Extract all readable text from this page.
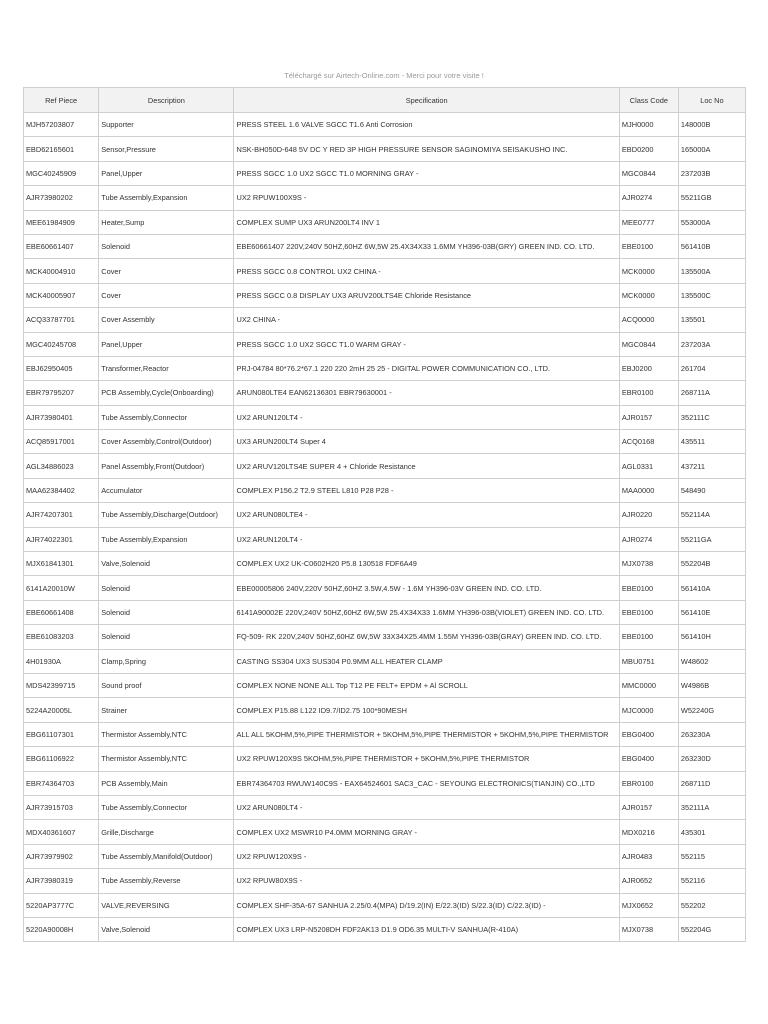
Téléchargé sur Airtech-Online.com - Merci pour votre visite !
Ref Piece	Description	Specification	Class Code	Loc No
MJH57203807	Supporter	PRESS STEEL 1.6 VALVE SGCC T1.6 Anti Corrosion	MJH0000	148000B
EBD62165601	Sensor,Pressure	NSK-BH050D-648 5V DC Y RED 3P HIGH PRESSURE SENSOR SAGINOMIYA SEISAKUSHO INC.	EBD0200	165000A
MGC40245909	Panel,Upper	PRESS SGCC 1.0 UX2 SGCC T1.0 MORNING GRAY -	MGC0844	237203B
AJR73980202	Tube Assembly,Expansion	UX2 RPUW100X9S -	AJR0274	55211GB
MEE61984909	Heater,Sump	COMPLEX SUMP UX3 ARUN200LT4 INV 1	MEE0777	553000A
EBE60661407	Solenoid	EBE60661407 220V,240V 50HZ,60HZ 6W,5W 25.4X34X33 1.6MM YH396-03B(GRY) GREEN IND. CO. LTD.	EBE0100	561410B
MCK40004910	Cover	PRESS SGCC 0.8 CONTROL UX2 CHINA -	MCK0000	135500A
MCK40005907	Cover	PRESS SGCC 0.8 DISPLAY UX3 ARUV200LTS4E Chloride Resistance	MCK0000	135500C
ACQ33787701	Cover Assembly	UX2 CHINA -	ACQ0000	135501
MGC40245708	Panel,Upper	PRESS SGCC 1.0 UX2 SGCC T1.0 WARM GRAY -	MGC0844	237203A
EBJ62950405	Transformer,Reactor	PRJ-04784 80*76.2*67.1 220 220 2mH 25 25 - DIGITAL POWER COMMUNICATION CO., LTD.	EBJ0200	261704
EBR79795207	PCB Assembly,Cycle(Onboarding)	ARUN080LTE4 EAN62136301 EBR79630001 -	EBR0100	268711A
AJR73980401	Tube Assembly,Connector	UX2 ARUN120LT4 -	AJR0157	352111C
ACQ85917001	Cover Assembly,Control(Outdoor)	UX3 ARUN200LT4 Super 4	ACQ0168	435511
AGL34886023	Panel Assembly,Front(Outdoor)	UX2 ARUV120LTS4E SUPER 4 + Chloride Resistance	AGL0331	437211
MAA62384402	Accumulator	COMPLEX P156.2 T2.9 STEEL L810 P28 P28 -	MAA0000	548490
AJR74207301	Tube Assembly,Discharge(Outdoor)	UX2 ARUN080LTE4 -	AJR0220	552114A
AJR74022301	Tube Assembly,Expansion	UX2 ARUN120LT4 -	AJR0274	55211GA
MJX61841301	Valve,Solenoid	COMPLEX UX2 UK-C0602H20 P5.8 130518 FDF6A49	MJX0738	552204B
6141A20010W	Solenoid	EBE00005806 240V,220V 50HZ,60HZ 3.5W,4.5W - 1.6M YH396-03V GREEN IND. CO. LTD.	EBE0100	561410A
EBE60661408	Solenoid	6141A90002E 220V,240V 50HZ,60HZ 6W,5W 25.4X34X33 1.6MM YH396-03B(VIOLET) GREEN IND. CO. LTD.	EBE0100	561410E
EBE61083203	Solenoid	FQ-509- RK 220V,240V 50HZ,60HZ 6W,5W 33X34X25.4MM 1.55M YH396-03B(GRAY) GREEN IND. CO. LTD.	EBE0100	561410H
4H01930A	Clamp,Spring	CASTING SS304 UX3 SUS304 P0.9MM ALL HEATER CLAMP	MBU0751	W48602
MDS42399715	Sound proof	COMPLEX NONE NONE ALL Top T12 PE FELT+ EPDM + Al SCROLL	MMC0000	W4986B
5224A20005L	Strainer	COMPLEX P15.88 L122 ID9.7/ID2.75 100*90MESH	MJC0000	W52240G
EBG61107301	Thermistor Assembly,NTC	ALL ALL 5KOHM,5%,PIPE THERMISTOR + 5KOHM,5%,PIPE THERMISTOR + 5KOHM,5%,PIPE THERMISTOR	EBG0400	263230A
EBG61106922	Thermistor Assembly,NTC	UX2 RPUW120X9S 5KOHM,5%,PIPE THERMISTOR + 5KOHM,5%,PIPE THERMISTOR	EBG0400	263230D
EBR74364703	PCB Assembly,Main	EBR74364703 RWUW140C9S - EAX64524601 SAC3_CAC - SEYOUNG ELECTRONICS(TIANJIN) CO.,LTD	EBR0100	268711D
AJR73915703	Tube Assembly,Connector	UX2 ARUN080LT4 -	AJR0157	352111A
MDX40361607	Grille,Discharge	COMPLEX UX2 MSWR10 P4.0MM MORNING GRAY -	MDX0216	435301
AJR73979902	Tube Assembly,Manifold(Outdoor)	UX2 RPUW120X9S -	AJR0483	552115
AJR73980319	Tube Assembly,Reverse	UX2 RPUW80X9S -	AJR0652	552116
5220AP3777C	VALVE,REVERSING	COMPLEX SHF-35A-67 SANHUA 2.25/0.4(MPA) D/19.2(IN) E/22.3(ID) S/22.3(ID) C/22.3(ID) -	MJX0652	552202
5220A90008H	Valve,Solenoid	COMPLEX UX3 LRP-N5208DH FDF2AK13 D1.9 OD6.35 MULTI-V SANHUA(R-410A)	MJX0738	552204G
